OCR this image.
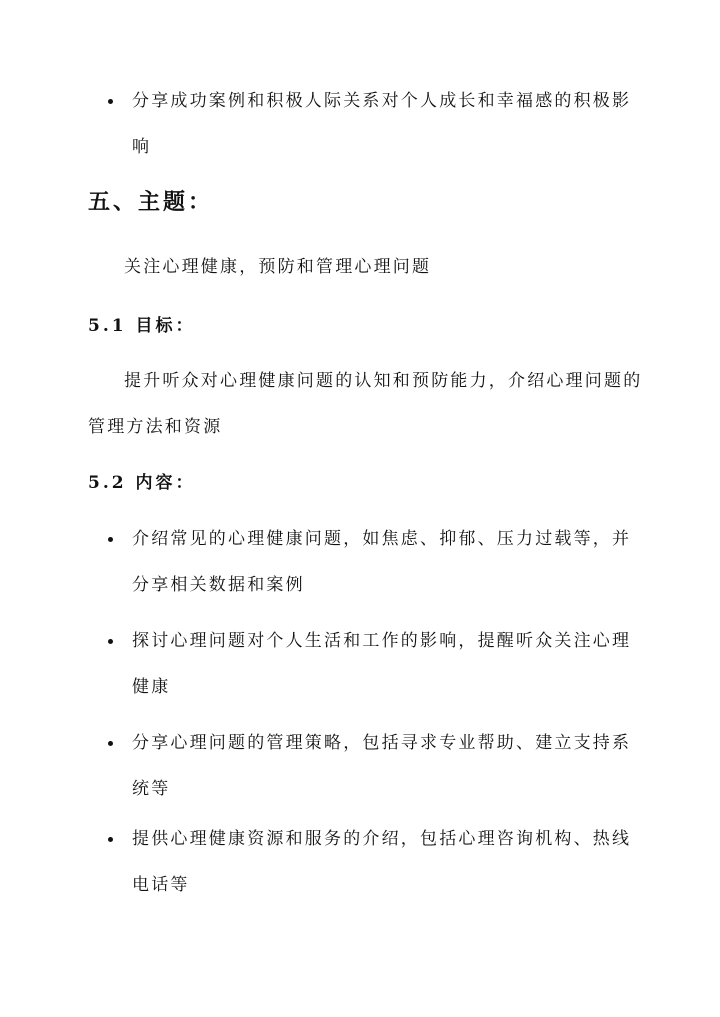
分享成功案例和积极人际关系对个人成长和幸福感的积极影响
五、主题：
关注心理健康，预防和管理心理问题
5.1 目标：
提升听众对心理健康问题的认知和预防能力，介绍心理问题的管理方法和资源
5.2 内容：
介绍常见的心理健康问题，如焦虑、抑郁、压力过载等，并分享相关数据和案例
探讨心理问题对个人生活和工作的影响，提醒听众关注心理健康
分享心理问题的管理策略，包括寻求专业帮助、建立支持系统等
提供心理健康资源和服务的介绍，包括心理咨询机构、热线电话等
